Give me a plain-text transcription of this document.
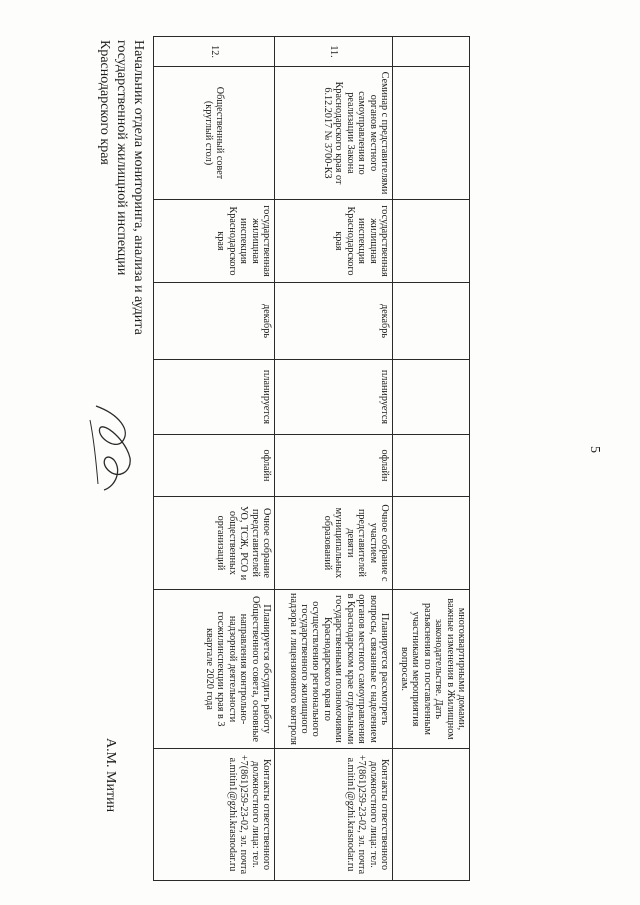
5
							многоквартирными домами, важные изменения в Жилищном законодательстве. Дать разъяснения по поставленным участниками мероприятия вопросам.	
11.	Семинар с представителями органов местного самоуправления по реализации Закона Краснодарского края от 6.12.2017 № 3700-КЗ	государственная жилищная инспекция Краснодарского края	декабрь	планируется	офлайн	Очное собрание с участием представителей девяти муниципальных образований	Планируется рассмотреть вопросы, связанные с наделением органов местного самоуправления в Краснодарском крае отдельными государственными полномочиями Краснодарского края по осуществлению регионального государственного жилищного надзора и лицензионного контроля	Контакты ответственного должностного лица: тел. +7(861)259-23-02, эл. почта a.mitin1@gzhi.krasnodar.ru
12.	Общественный совет (круглый стол)	государственная жилищная инспекция Краснодарского края	декабрь	планируется	офлайн	Очное собрание представителей УО, ТСЖ, РСО и общественных организаций	Планируется обсудить работу Общественного совета, основные направления контрольно-надзорной деятельности госжилинспекции края в 3 квартале 2020 года	Контакты ответственного должностного лица: тел. +7(861)259-23-02, эл. почта a.mitin1@gzhi.krasnodar.ru
Начальник отдела мониторинга, анализа и аудита государственной жилищной инспекции Краснодарского края
А.М. Митин
